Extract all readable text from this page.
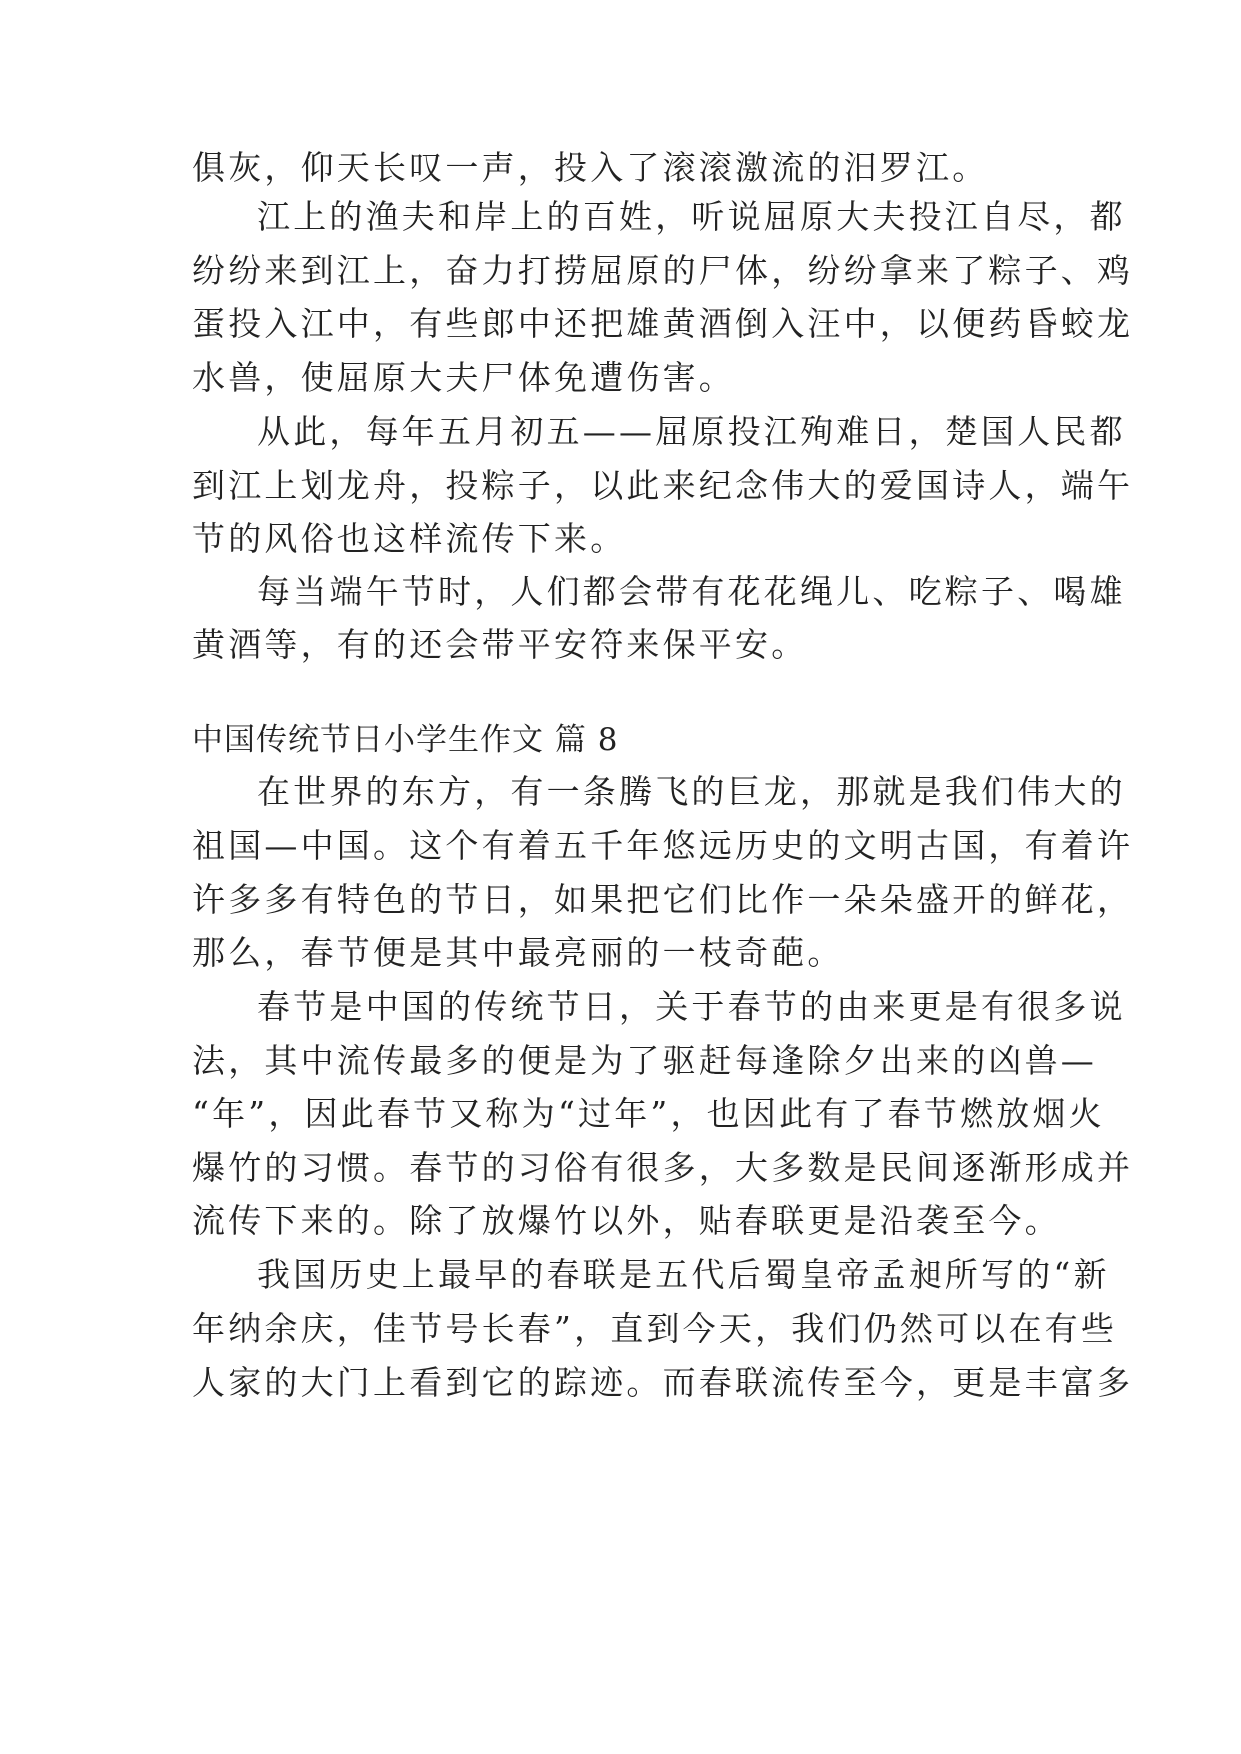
俱灰，仰天长叹一声，投入了滚滚激流的汨罗江。
江上的渔夫和岸上的百姓，听说屈原大夫投江自尽，都
纷纷来到江上，奋力打捞屈原的尸体，纷纷拿来了粽子、鸡
蛋投入江中，有些郎中还把雄黄酒倒入汪中，以便药昏蛟龙
水兽，使屈原大夫尸体免遭伤害。
从此，每年五月初五——屈原投江殉难日，楚国人民都
到江上划龙舟，投粽子，以此来纪念伟大的爱国诗人，端午
节的风俗也这样流传下来。
每当端午节时，人们都会带有花花绳儿、吃粽子、喝雄
黄酒等，有的还会带平安符来保平安。
中国传统节日小学生作文 篇 8
在世界的东方，有一条腾飞的巨龙，那就是我们伟大的
祖国—中国。这个有着五千年悠远历史的文明古国，有着许
许多多有特色的节日，如果把它们比作一朵朵盛开的鲜花，
那么，春节便是其中最亮丽的一枝奇葩。
春节是中国的传统节日，关于春节的由来更是有很多说
法，其中流传最多的便是为了驱赶每逢除夕出来的凶兽—
“年”，因此春节又称为“过年”，也因此有了春节燃放烟火
爆竹的习惯。春节的习俗有很多，大多数是民间逐渐形成并
流传下来的。除了放爆竹以外，贴春联更是沿袭至今。
我国历史上最早的春联是五代后蜀皇帝孟昶所写的“新
年纳余庆，佳节号长春”，直到今天，我们仍然可以在有些
人家的大门上看到它的踪迹。而春联流传至今，更是丰富多
